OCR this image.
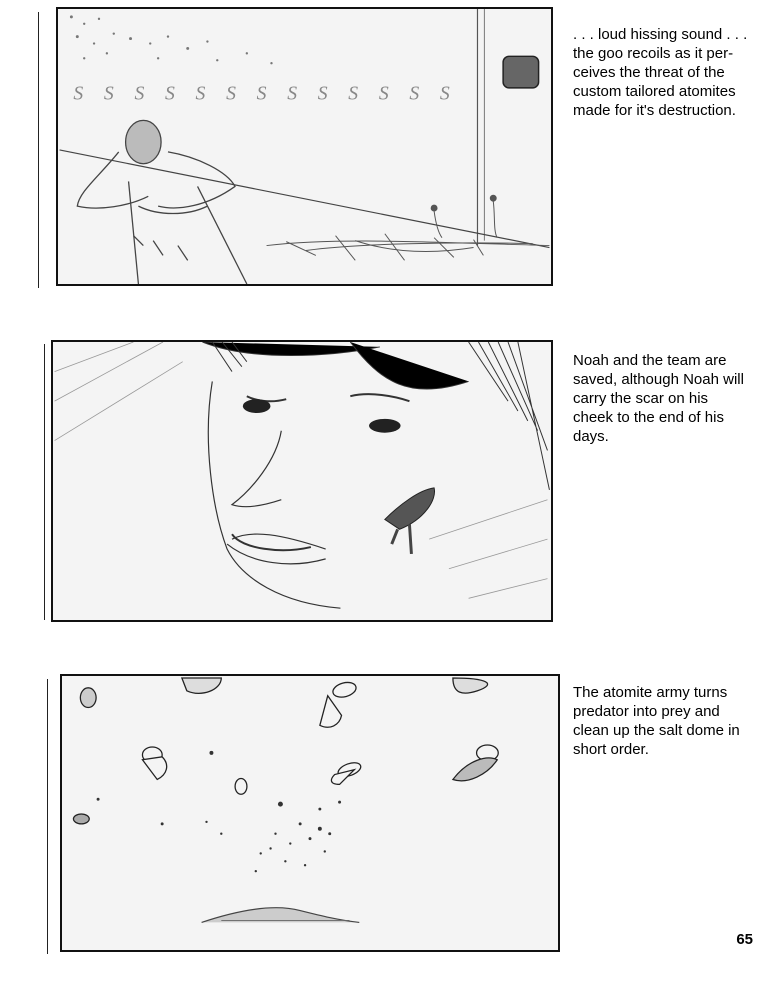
S S S S S S S S S S S S S
. . . loud hissing sound . . .
the goo recoils as it per-
ceives the threat of the
custom tailored atomites
made for it's destruction.
Noah and the team are
saved, although Noah will
carry the scar on his
cheek to the end of his
days.
The atomite army turns
predator into prey and
clean up the salt dome in
short order.
65
